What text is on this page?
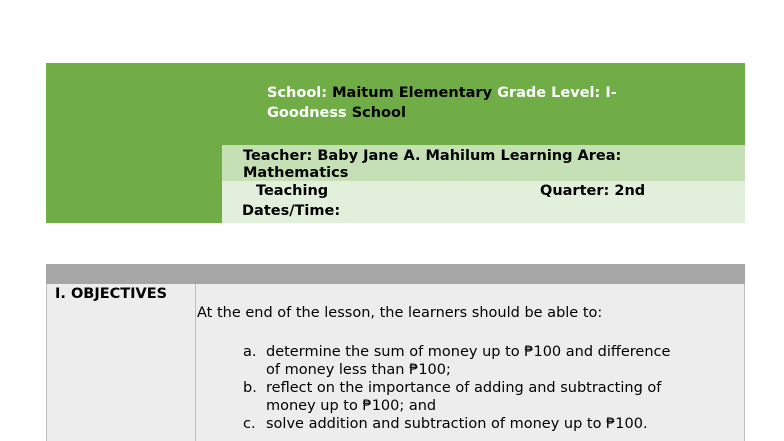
School: Maitum Elementary Grade Level: I-
Goodness School
Teacher: Baby Jane A. Mahilum Learning Area:
Mathematics
Teaching
Dates/Time:
Quarter: 2nd
I. OBJECTIVES
At the end of the lesson, the learners should be able to:
a. determine the sum of money up to ₱100 and difference
of money less than ₱100;
b. reflect on the importance of adding and subtracting of
money up to ₱100; and
c. solve addition and subtraction of money up to ₱100.
